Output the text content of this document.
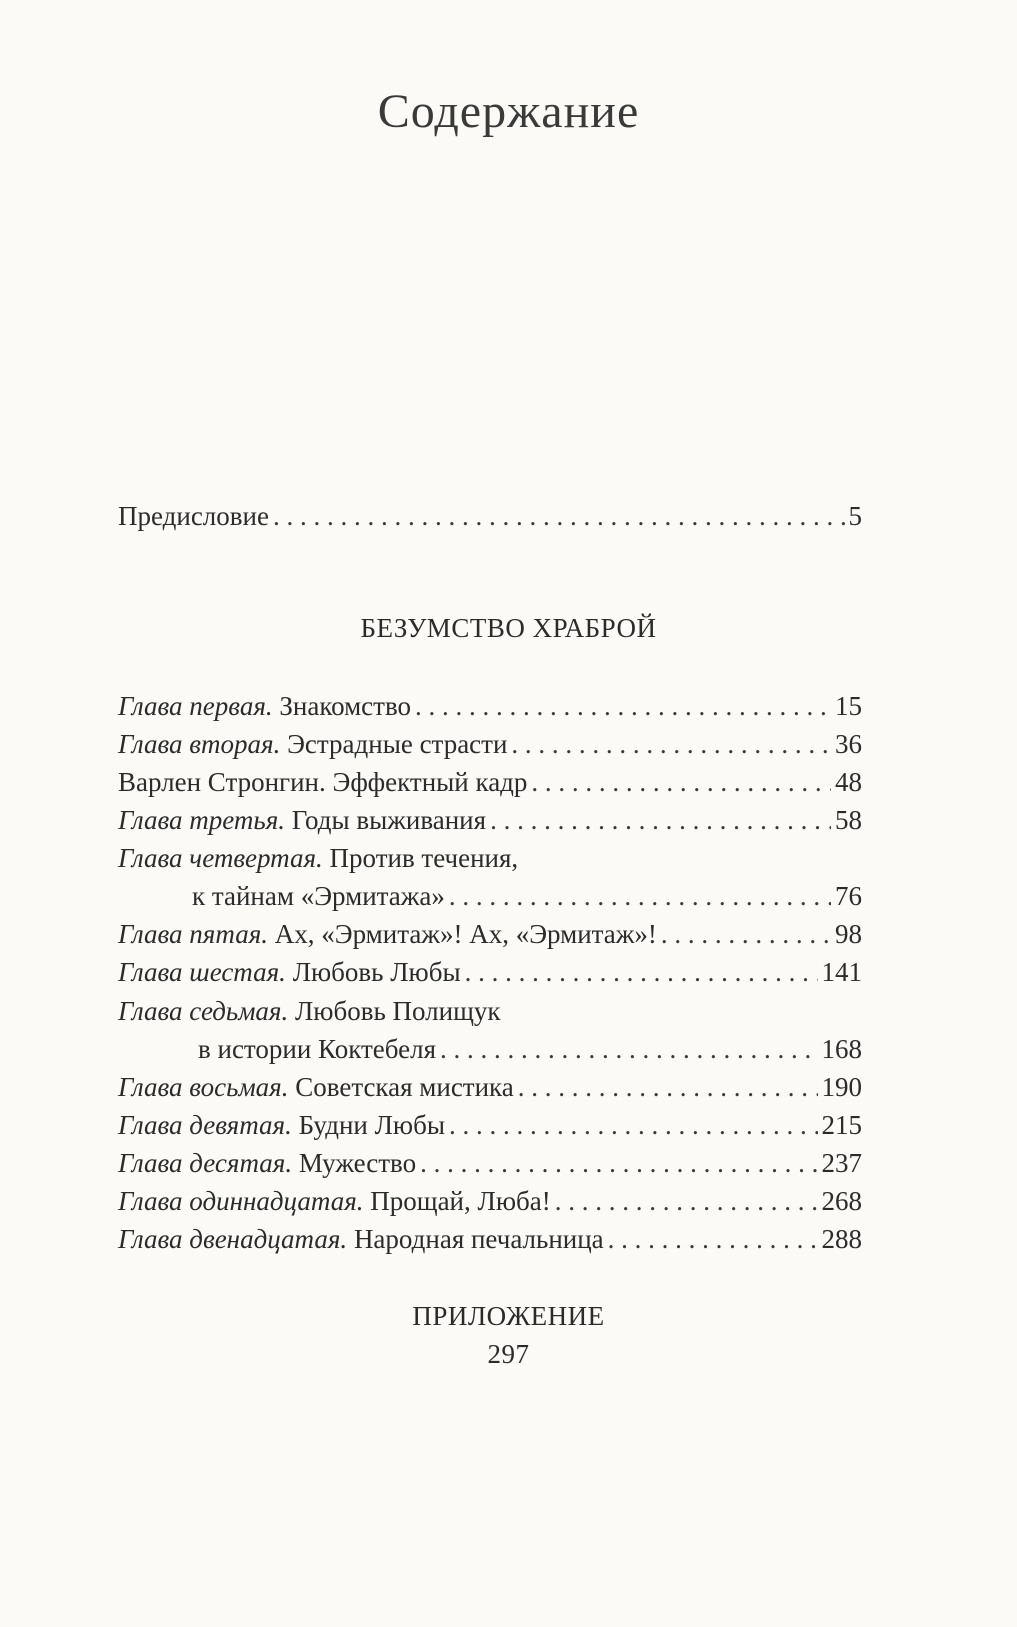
Содержание
Предисловие . . .	5
БЕЗУМСТВО ХРАБРОЙ
Глава первая. Знакомство . . .	15
Глава вторая. Эстрадные страсти . . .	36
Варлен Стронгин. Эффектный кадр . . .	48
Глава третья. Годы выживания . . .	58
Глава четвертая. Против течения,
к тайнам «Эрмитажа» . . .	76
Глава пятая. Ах, «Эрмитаж»! Ах, «Эрмитаж»! . . .	98
Глава шестая. Любовь Любы . . .	141
Глава седьмая. Любовь Полищук
в истории Коктебеля . . .	168
Глава восьмая. Советская мистика . . .	190
Глава девятая. Будни Любы . . .	215
Глава десятая. Мужество . . .	237
Глава одиннадцатая. Прощай, Люба! . . .	268
Глава двенадцатая. Народная печальница . . .	288
ПРИЛОЖЕНИЕ
297
